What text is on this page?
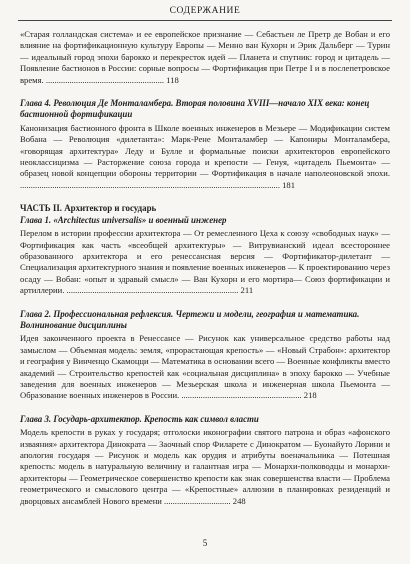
СОДЕРЖАНИЕ

«Старая голландская система» и ее европейское признание — Себастьен ле Претр де Вобан и его влияние на фортификационную культуру Европы — Менно ван Кухорн и Эрик Дальберг — Турин — идеальный город эпохи барокко и перекресток идей — Планета и спутник: город и цитадель — Появление бастионов в России: сорные вопросы — Фортификация при Петре I и в послепетровское время. ....................................................... 118

Глава 4. Революция Де Монталамбера. Вторая половина XVIII—начало XIX века: конец бастионной фортификации

Канонизация бастионного фронта в Школе военных инженеров в Мезьере — Модификации систем Вобана — Революция «дилетанта»: Марк-Рене Монталамбер — Капониры Монталамбера, «говорящая архитектура» Леду и Булле и формальные поиски архитекторов европейского неоклассицизма — Расторжение союза города и крепости — Генуя, «цитадель Пьемонта» — образец новой концепции обороны территории — Фортификация в начале наполеоновской эпохи. ......................................................................................................................... 181

ЧАСТЬ II. Архитектор и государь

Глава 1. «Architectus universalis» и военный инженер

Перелом в истории профессии архитектора — От ремесленного Цеха к союзу «свободных наук» — Фортификация как часть «всеобщей архитектуры» — Витрувианский идеал всестороннее образованного архитектора и его ренессансная версия — Фортификатор-дилетант — Специализация архитектурного знания и появление военных инженеров — К проектированию через осаду — Вобан: «опыт и здравый смысл» — Ван Кухорн и его мортира— Союз фортификации и артиллерии. ................................................................................ 211

Глава 2. Профессиональная рефлексия. Чертежи и модели, география и математика. Волнинование дисциплины

Идея законченного проекта в Ренессансе — Рисунок как универсальное средство работы над замыслом — Объемная модель: земля, «прорастающая крепость» — «Новый Страбон»: архитектор и география у Винченцо Скамоцци — Математика в основании всего — Военные конфликты вместо академий — Строительство крепостей как «социальная дисциплина» в эпоху барокко — Учебные заведения для военных инженеров — Мезьерская школа и инженерная школа Пьемонта — Образование военных инженеров в России. ........................................................ 218

Глава 3. Государь-архитектор. Крепость как символ власти

Модель крепости в руках у государя; отголоски иконографии святого патрона и образ «афонского изваяния» архитектора Динократа — Заочный спор Филарете с Динократом — Буонайуто Лорини и апология государя — Рисунок и модель как орудия и атрибуты военачальника — Потешная крепость: модель в натуральную величину и галантная игра — Монархи-полководцы и монархи-архитекторы — Геометрическое совершенство крепости как знак совершенства власти — Проблема геометрического и смыслового центра — «Крепостные» аллюзии в планировках резиденций и дворцовых ансамблей Нового времени ............................... 248

5
